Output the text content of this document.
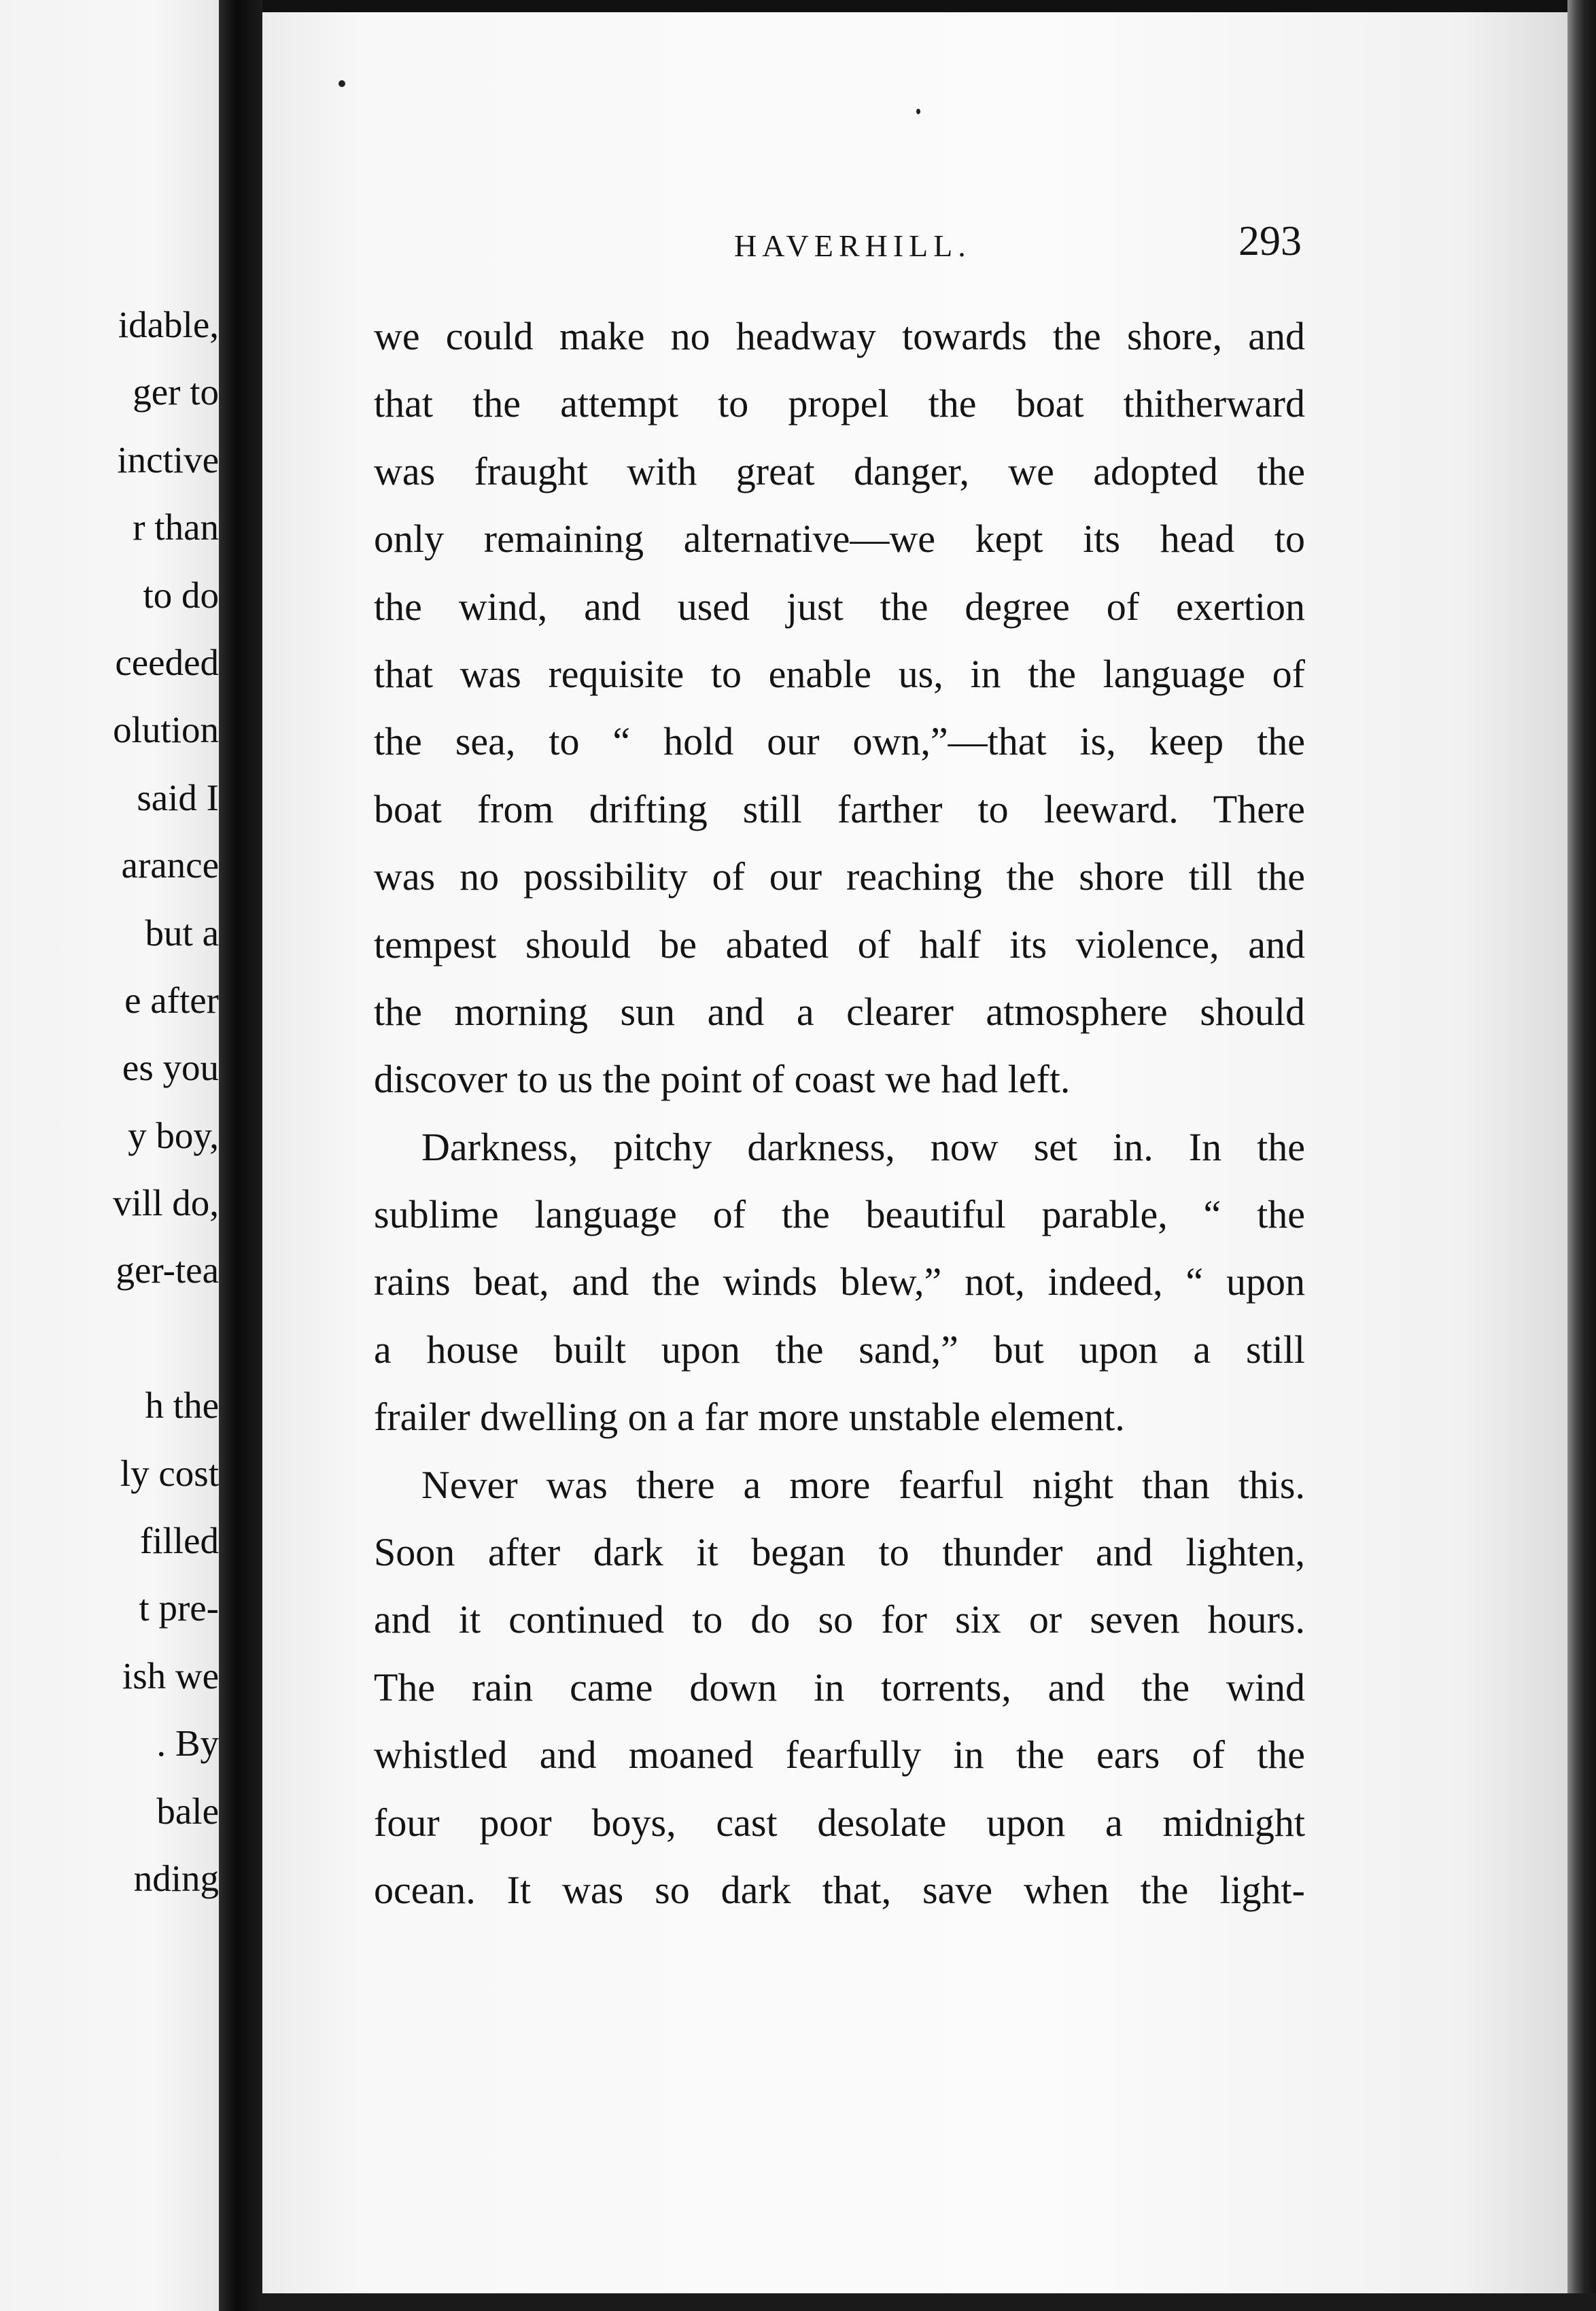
idable,
ger to
inctive
r than
to do
ceeded
olution
said I
arance
but a
e after
es you
y boy,
vill do,
ger-tea
h the
ly cost
filled
t pre-
ish we
. By
bale
nding
HAVERHILL.	293
we could make no headway towards the shore, and
that the attempt to propel the boat thitherward
was fraught with great danger, we adopted the
only remaining alternative—we kept its head to
the wind, and used just the degree of exertion
that was requisite to enable us, in the language of
the sea, to “ hold our own,”—that is, keep the
boat from drifting still farther to leeward. There
was no possibility of our reaching the shore till the
tempest should be abated of half its violence, and
the morning sun and a clearer atmosphere should
discover to us the point of coast we had left.
Darkness, pitchy darkness, now set in. In the
sublime language of the beautiful parable, “ the
rains beat, and the winds blew,” not, indeed, “ upon
a house built upon the sand,” but upon a still
frailer dwelling on a far more unstable element.
Never was there a more fearful night than this.
Soon after dark it began to thunder and lighten,
and it continued to do so for six or seven hours.
The rain came down in torrents, and the wind
whistled and moaned fearfully in the ears of the
four poor boys, cast desolate upon a midnight
ocean. It was so dark that, save when the light-
